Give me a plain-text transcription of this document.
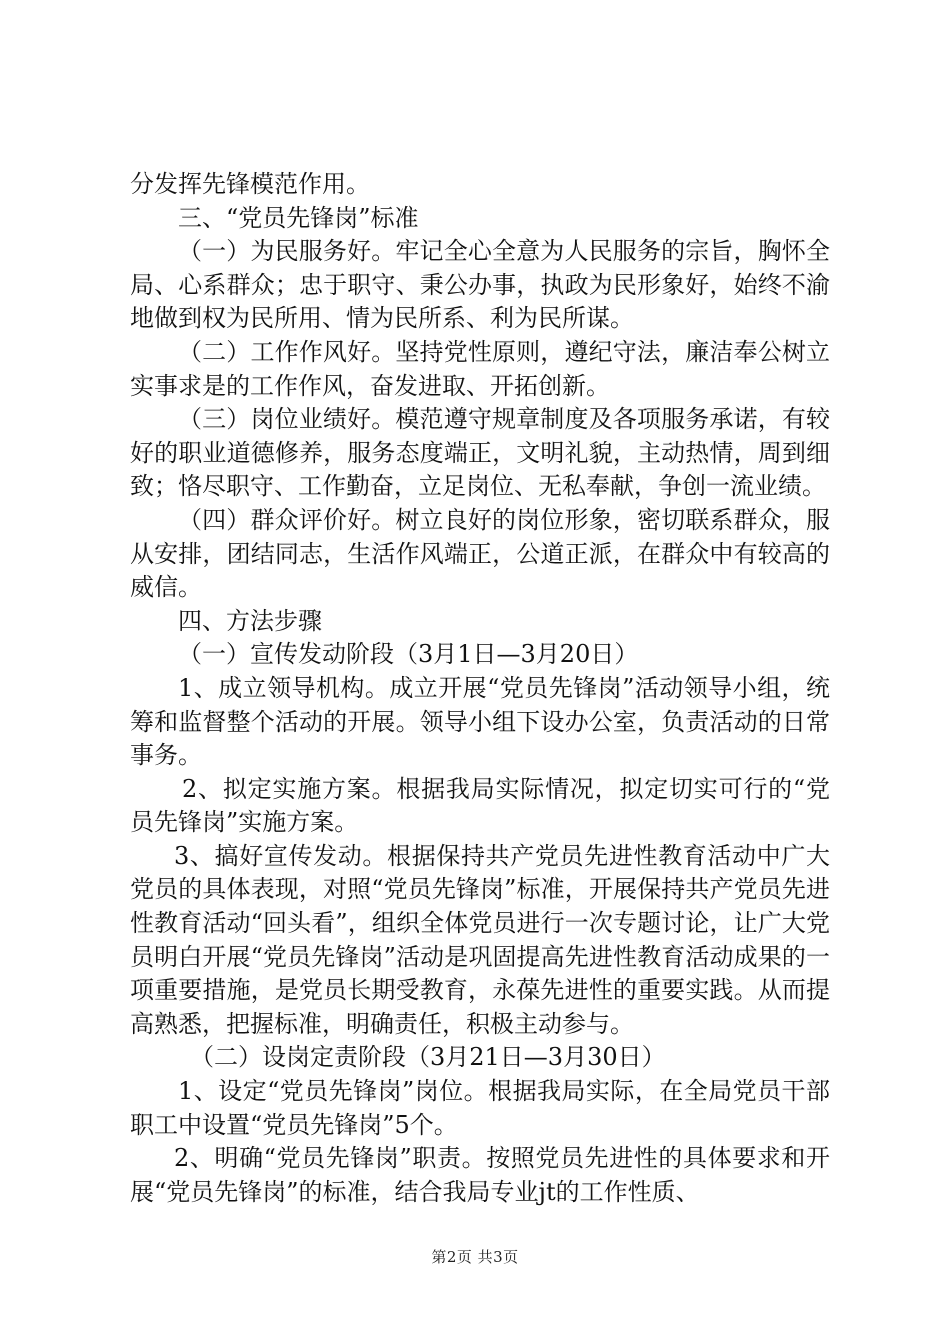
分发挥先锋模范作用。

三、“党员先锋岗”标准

（一）为民服务好。牢记全心全意为人民服务的宗旨，胸怀全局、心系群众；忠于职守、秉公办事，执政为民形象好，始终不渝地做到权为民所用、情为民所系、利为民所谋。

（二）工作作风好。坚持党性原则，遵纪守法，廉洁奉公树立实事求是的工作作风，奋发进取、开拓创新。

（三）岗位业绩好。模范遵守规章制度及各项服务承诺，有较好的职业道德修养，服务态度端正，文明礼貌，主动热情，周到细致；恪尽职守、工作勤奋，立足岗位、无私奉献，争创一流业绩。

（四）群众评价好。树立良好的岗位形象，密切联系群众，服从安排，团结同志，生活作风端正，公道正派，在群众中有较高的威信。

四、方法步骤

（一）宣传发动阶段（3月1日—3月20日）

1、成立领导机构。成立开展“党员先锋岗”活动领导小组，统筹和监督整个活动的开展。领导小组下设办公室，负责活动的日常事务。

2、拟定实施方案。根据我局实际情况，拟定切实可行的“党员先锋岗”实施方案。

3、搞好宣传发动。根据保持共产党员先进性教育活动中广大党员的具体表现，对照“党员先锋岗”标准，开展保持共产党员先进性教育活动“回头看”，组织全体党员进行一次专题讨论，让广大党员明白开展“党员先锋岗”活动是巩固提高先进性教育活动成果的一项重要措施，是党员长期受教育，永葆先进性的重要实践。从而提高熟悉，把握标准，明确责任，积极主动参与。

（二）设岗定责阶段（3月21日—3月30日）

1、设定“党员先锋岗”岗位。根据我局实际，在全局党员干部职工中设置“党员先锋岗”5个。

2、明确“党员先锋岗”职责。按照党员先进性的具体要求和开展“党员先锋岗”的标准，结合我局专业jt的工作性质、

第2页 共3页
